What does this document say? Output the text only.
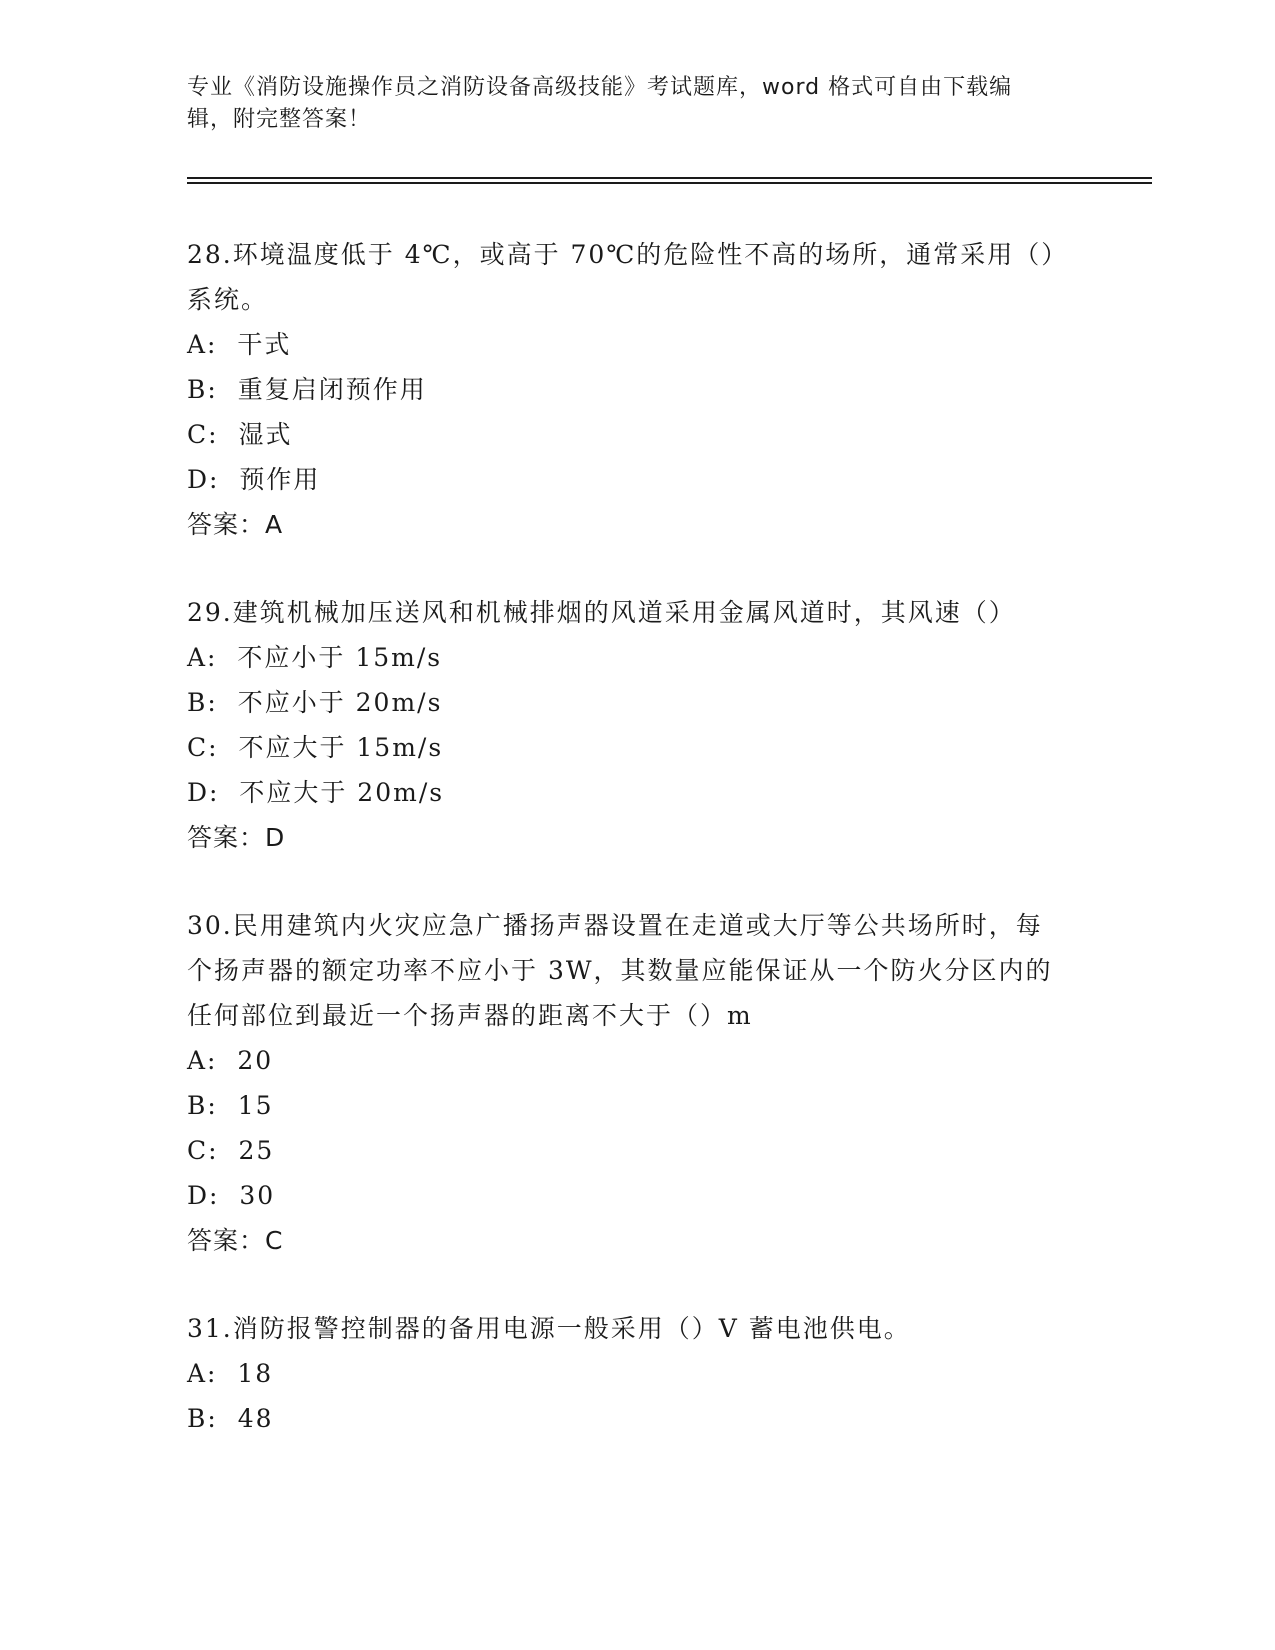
专业《消防设施操作员之消防设备高级技能》考试题库，word 格式可自由下载编
辑，附完整答案！

28.环境温度低于 4℃，或高于 70℃的危险性不高的场所，通常采用（）系统。

A:  干式
B:  重复启闭预作用
C:  湿式
D:  预作用
答案：A

29.建筑机械加压送风和机械排烟的风道采用金属风道时，其风速（）

A:  不应小于 15m/s
B:  不应小于 20m/s
C:  不应大于 15m/s
D:  不应大于 20m/s
答案：D

30.民用建筑内火灾应急广播扬声器设置在走道或大厅等公共场所时，每个扬声器的额定功率不应小于 3W，其数量应能保证从一个防火分区内的任何部位到最近一个扬声器的距离不大于（）m

A:  20
B:  15
C:  25
D:  30
答案：C

31.消防报警控制器的备用电源一般采用（）V 蓄电池供电。

A:  18
B:  48
